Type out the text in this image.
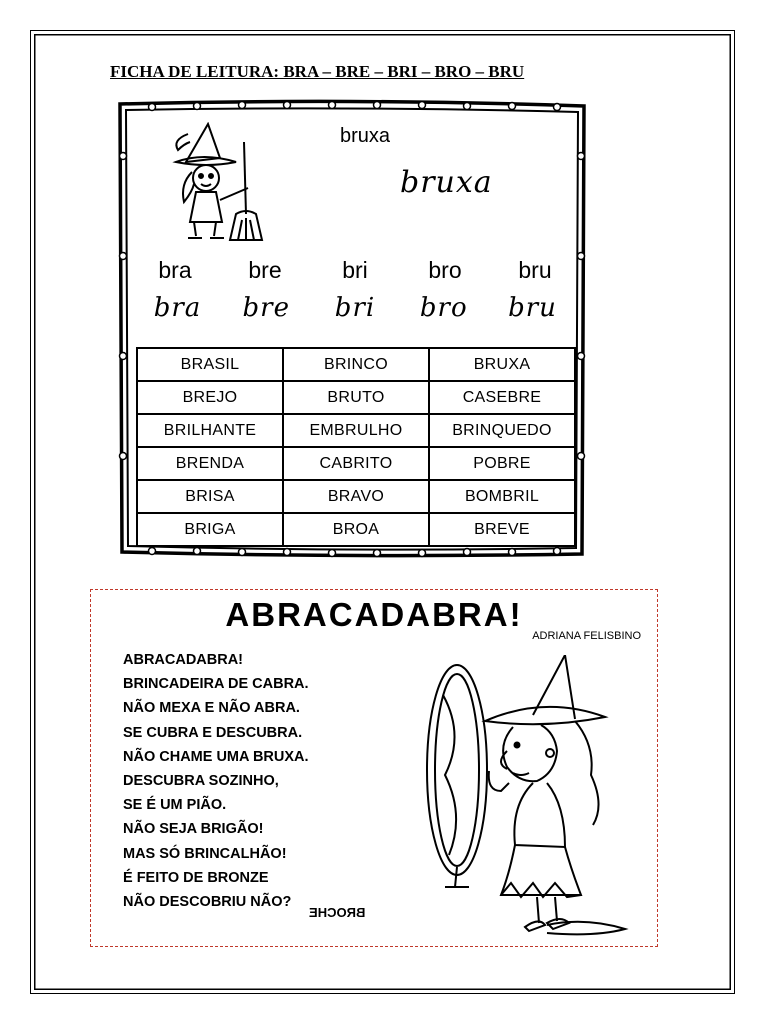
FICHA DE LEITURA: BRA – BRE – BRI – BRO – BRU
bruxa
bruxa
bra	bre	bri	bro	bru
bra	bre	bri	bro	bru
BRASIL	BRINCO	BRUXA
BREJO	BRUTO	CASEBRE
BRILHANTE	EMBRULHO	BRINQUEDO
BRENDA	CABRITO	POBRE
BRISA	BRAVO	BOMBRIL
BRIGA	BROA	BREVE
ABRACADABRA!
ADRIANA FELISBINO
ABRACADABRA!
BRINCADEIRA DE CABRA.
NÃO MEXA E NÃO ABRA.
SE CUBRA E DESCUBRA.
NÃO CHAME UMA BRUXA.
DESCUBRA SOZINHO,
SE É UM PIÃO.
NÃO SEJA BRIGÃO!
MAS SÓ BRINCALHÃO!
É FEITO DE BRONZE
NÃO DESCOBRIU NÃO?
BROCHE
